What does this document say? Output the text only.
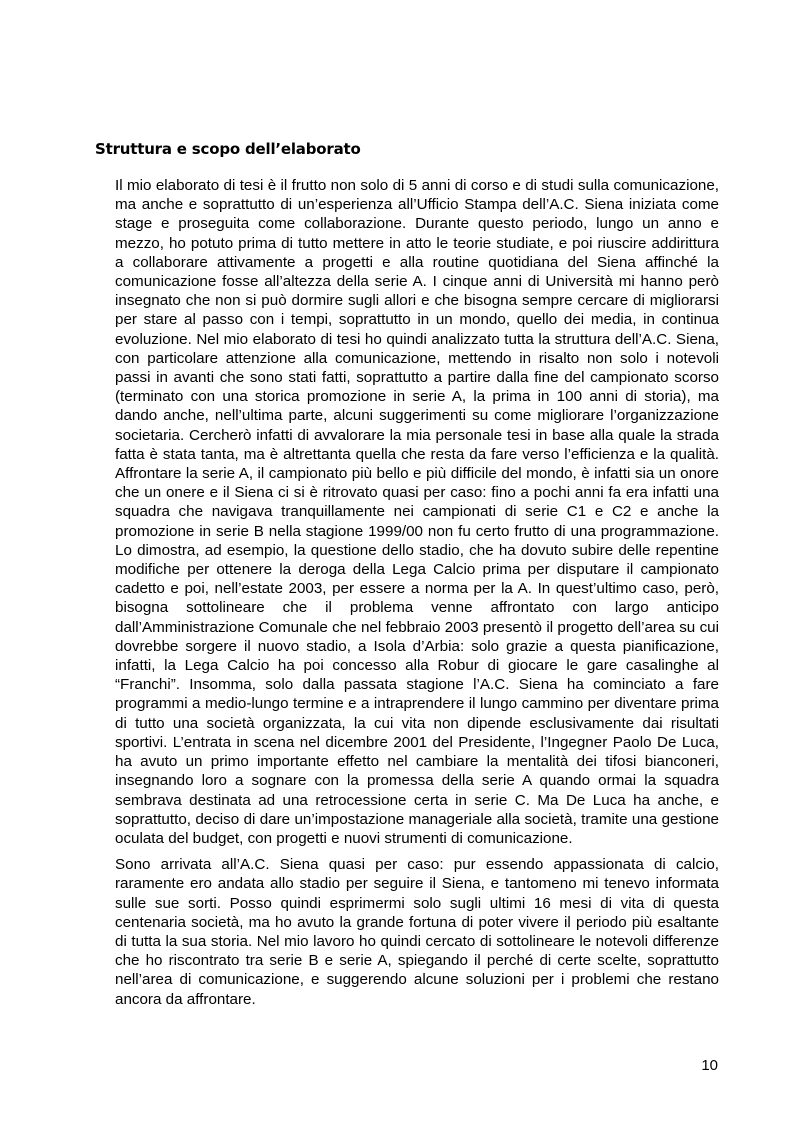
Struttura e scopo dell’elaborato

Il mio elaborato di tesi è il frutto non solo di 5 anni di corso e di studi sulla comunicazione, ma anche e soprattutto di un’esperienza all’Ufficio Stampa dell’A.C. Siena iniziata come stage e proseguita come collaborazione. Durante questo periodo, lungo un anno e mezzo, ho potuto prima di tutto mettere in atto le teorie studiate, e poi riuscire addirittura a collaborare attivamente a progetti e alla routine quotidiana del Siena affinché la comunicazione fosse all’altezza della serie A. I cinque anni di Università mi hanno però insegnato che non si può dormire sugli allori e che bisogna sempre cercare di migliorarsi per stare al passo con i tempi, soprattutto in un mondo, quello dei media, in continua evoluzione. Nel mio elaborato di tesi ho quindi analizzato tutta la struttura dell’A.C. Siena, con particolare attenzione alla comunicazione, mettendo in risalto non solo i notevoli passi in avanti che sono stati fatti, soprattutto a partire dalla fine del campionato scorso (terminato con una storica promozione in serie A, la prima in 100 anni di storia), ma dando anche, nell’ultima parte, alcuni suggerimenti su come migliorare l’organizzazione societaria. Cercherò infatti di avvalorare la mia personale tesi in base alla quale la strada fatta è stata tanta, ma è altrettanta quella che resta da fare verso l’efficienza e la qualità. Affrontare la serie A, il campionato più bello e più difficile del mondo, è infatti sia un onore che un onere e il Siena ci si è ritrovato quasi per caso: fino a pochi anni fa era infatti una squadra che navigava tranquillamente nei campionati di serie C1 e C2 e anche la promozione in serie B nella stagione 1999/00 non fu certo frutto di una programmazione. Lo dimostra, ad esempio, la questione dello stadio, che ha dovuto subire delle repentine modifiche per ottenere la deroga della Lega Calcio prima per disputare il campionato cadetto e poi, nell’estate 2003, per essere a norma per la A. In quest’ultimo caso, però, bisogna sottolineare che il problema venne affrontato con largo anticipo dall’Amministrazione Comunale che nel febbraio 2003 presentò il progetto dell’area su cui dovrebbe sorgere il nuovo stadio, a Isola d’Arbia: solo grazie a questa pianificazione, infatti, la Lega Calcio ha poi concesso alla Robur di giocare le gare casalinghe al “Franchi”. Insomma, solo dalla passata stagione l’A.C. Siena ha cominciato a fare programmi a medio-lungo termine e a intraprendere il lungo cammino per diventare prima di tutto una società organizzata, la cui vita non dipende esclusivamente dai risultati sportivi. L’entrata in scena nel dicembre 2001 del Presidente, l’Ingegner Paolo De Luca, ha avuto un primo importante effetto nel cambiare la mentalità dei tifosi bianconeri, insegnando loro a sognare con la promessa della serie A quando ormai la squadra sembrava destinata ad una retrocessione certa in serie C. Ma De Luca ha anche, e soprattutto, deciso di dare un’impostazione manageriale alla società, tramite una gestione oculata del budget, con progetti e nuovi strumenti di comunicazione.

Sono arrivata all’A.C. Siena quasi per caso: pur essendo appassionata di calcio, raramente ero andata allo stadio per seguire il Siena, e tantomeno mi tenevo informata sulle sue sorti. Posso quindi esprimermi solo sugli ultimi 16 mesi di vita di questa centenaria società, ma ho avuto la grande fortuna di poter vivere il periodo più esaltante di tutta la sua storia. Nel mio lavoro ho quindi cercato di sottolineare le notevoli differenze che ho riscontrato tra serie B e serie A, spiegando il perché di certe scelte, soprattutto nell’area di comunicazione, e suggerendo alcune soluzioni per i problemi che restano ancora da affrontare.

10
